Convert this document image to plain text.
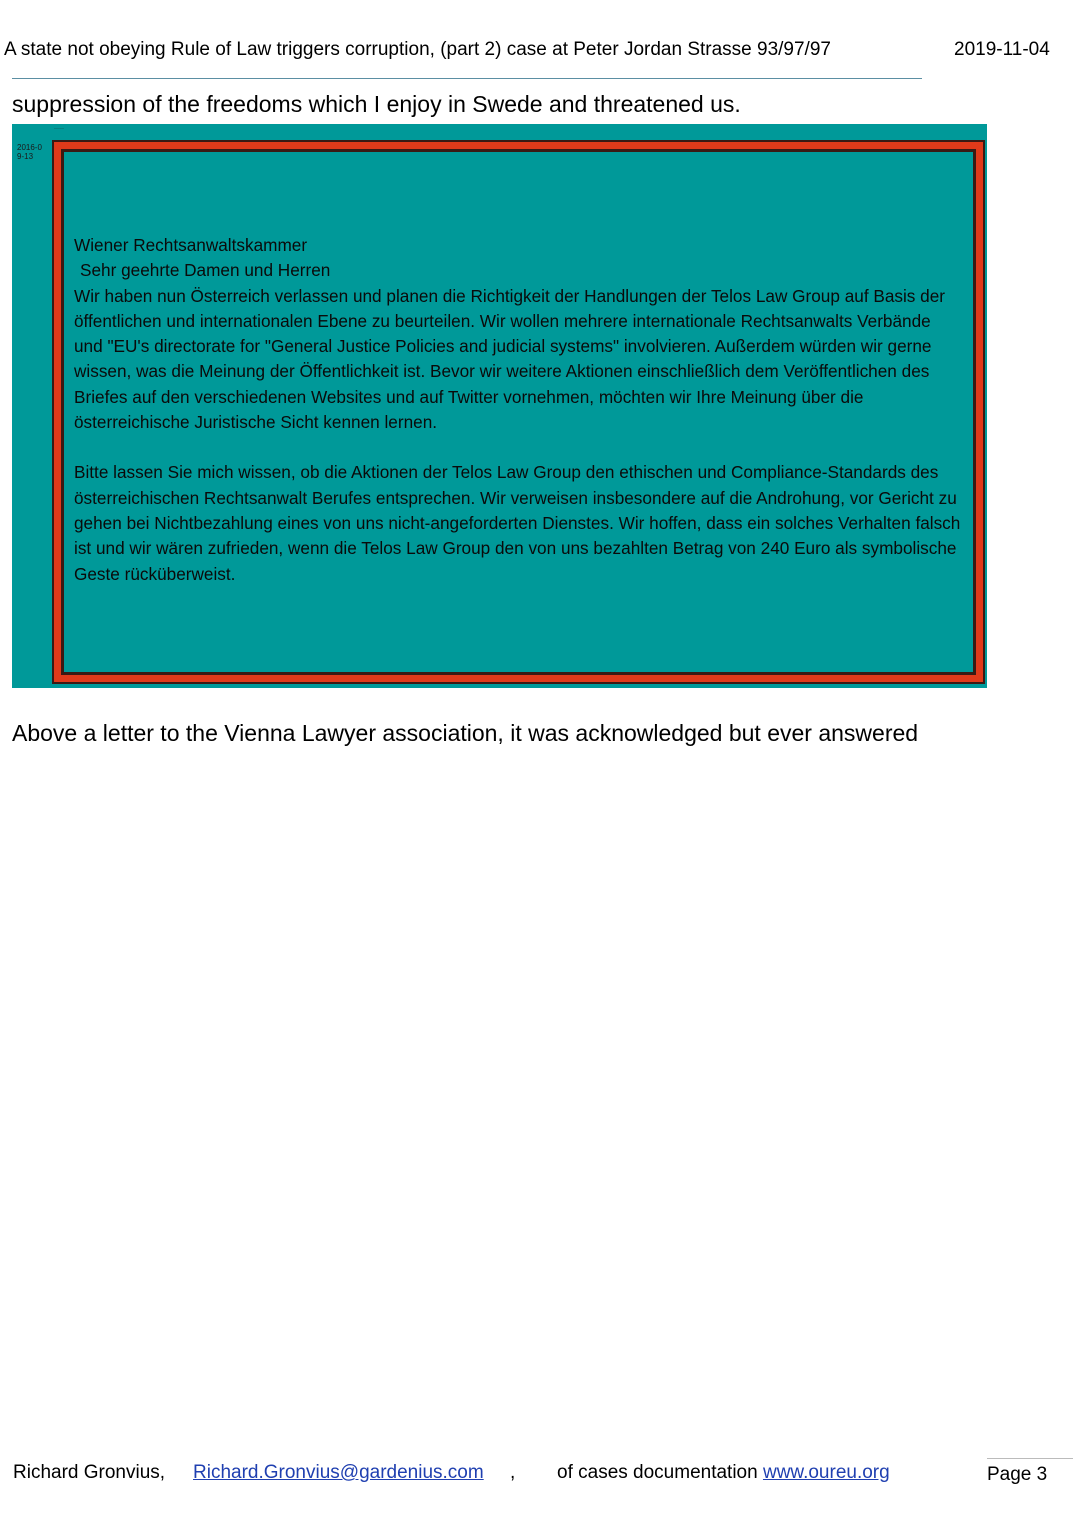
A state not obeying Rule of Law triggers corruption, (part 2) case at Peter Jordan Strasse 93/97/97	2019-11-04
suppression of the freedoms which I enjoy in Swede and threatened us.
·····
2016-09-13

Wiener Rechtsanwaltskammer

Sehr geehrte Damen und Herren

Wir haben nun Österreich verlassen und planen die Richtigkeit der Handlungen der Telos Law Group auf Basis der öffentlichen und internationalen Ebene zu beurteilen. Wir wollen mehrere internationale Rechtsanwalts Verbände und "EU's directorate for "General Justice Policies and judicial systems" involvieren. Außerdem würden wir gerne wissen, was die Meinung der Öffentlichkeit ist. Bevor wir weitere Aktionen einschließlich dem Veröffentlichen des Briefes auf den verschiedenen Websites und auf Twitter vornehmen, möchten wir Ihre Meinung über die österreichische Juristische Sicht kennen lernen.

Bitte lassen Sie mich wissen, ob die Aktionen der Telos Law Group den ethischen und Compliance-Standards des österreichischen Rechtsanwalt Berufes entsprechen. Wir verweisen insbesondere auf die Androhung, vor Gericht zu gehen bei Nichtbezahlung eines von uns nicht-angeforderten Dienstes. Wir hoffen, dass ein solches Verhalten falsch ist und wir wären zufrieden, wenn die Telos Law Group den von uns bezahlten Betrag von 240 Euro als symbolische Geste rücküberweist.

Above a letter to the Vienna Lawyer association, it was acknowledged but ever answered
Richard Gronvius, Richard.Gronvius@gardenius.com , of cases documentation www.oureu.org	Page 3
